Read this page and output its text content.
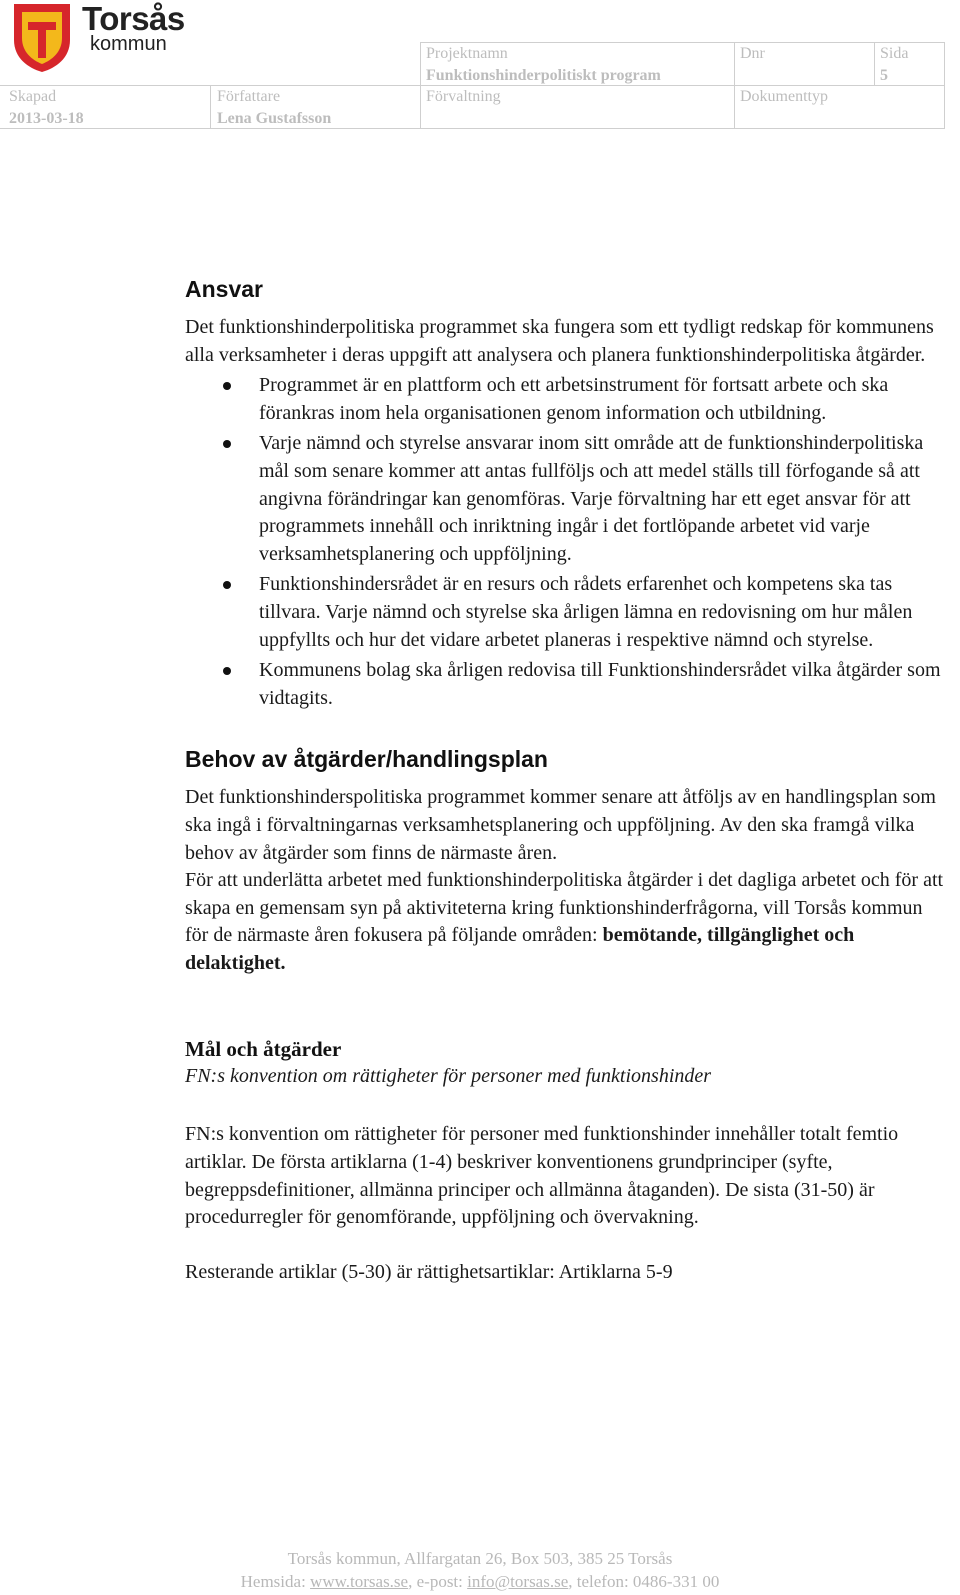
Torsås
kommun	Projektnamn
Funktionshinderpolitiskt program
Dnr	Sida
5
Skapad
2013-03-18
Författare
Lena Gustafsson
Förvaltning	Dokumenttyp
Ansvar

Det funktionshinderpolitiska programmet ska fungera som ett tydligt redskap för kommunens alla verksamheter i deras uppgift att analysera och planera funktionshinderpolitiska åtgärder.

Programmet är en plattform och ett arbetsinstrument för fortsatt arbete och ska förankras inom hela organisationen genom information och utbildning.
Varje nämnd och styrelse ansvarar inom sitt område att de funktionshinderpolitiska mål som senare kommer att antas fullföljs och att medel ställs till förfogande så att angivna förändringar kan genomföras. Varje förvaltning har ett eget ansvar för att programmets innehåll och inriktning ingår i det fortlöpande arbetet vid varje verksamhetsplanering och uppföljning.
Funktionshindersrådet är en resurs och rådets erfarenhet och kompetens ska tas tillvara. Varje nämnd och styrelse ska årligen lämna en redovisning om hur målen uppfyllts och hur det vidare arbetet planeras i respektive nämnd och styrelse.
Kommunens bolag ska årligen redovisa till Funktionshindersrådet vilka åtgärder som vidtagits.
Behov av åtgärder/handlingsplan

Det funktionshinderspolitiska programmet kommer senare att åtföljs av en handlingsplan som ska ingå i förvaltningarnas verksamhetsplanering och uppföljning. Av den ska framgå vilka behov av åtgärder som finns de närmaste åren.

För att underlätta arbetet med funktionshinderpolitiska åtgärder i det dagliga arbetet och för att skapa en gemensam syn på aktiviteterna kring funktionshinderfrågorna, vill Torsås kommun för de närmaste åren fokusera på följande områden: bemötande, tillgänglighet och delaktighet.

Mål och åtgärder
FN:s konvention om rättigheter för personer med funktionshinder

FN:s konvention om rättigheter för personer med funktionshinder innehåller totalt femtio artiklar. De första artiklarna (1-4) beskriver konventionens grundprinciper (syfte, begreppsdefinitioner, allmänna principer och allmänna åtaganden). De sista (31-50) är procedurregler för genomförande, uppföljning och övervakning.

Resterande artiklar (5-30) är rättighetsartiklar: Artiklarna 5-9

Torsås kommun, Allfargatan 26, Box 503, 385 25 Torsås
Hemsida: www.torsas.se, e-post: info@torsas.se, telefon: 0486-331 00
